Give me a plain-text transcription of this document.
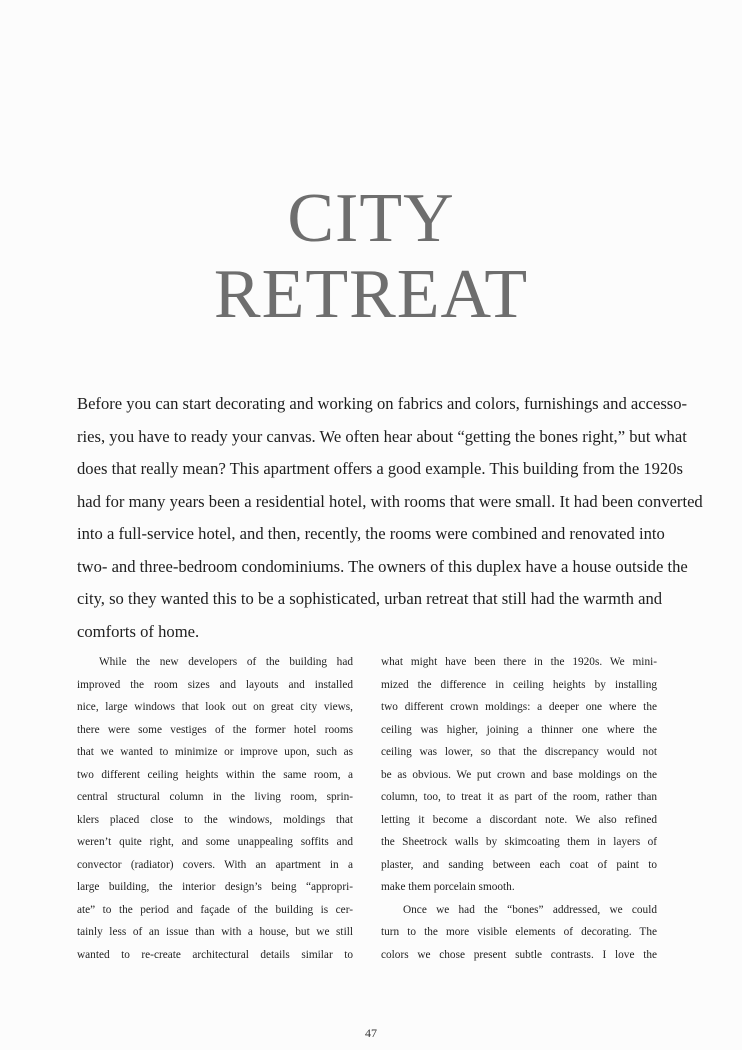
CITY
RETREAT
Before you can start decorating and working on fabrics and colors, furnishings and accesso-
ries, you have to ready your canvas. We often hear about “getting the bones right,” but what
does that really mean? This apartment offers a good example. This building from the 1920s
had for many years been a residential hotel, with rooms that were small. It had been converted
into a full-service hotel, and then, recently, the rooms were combined and renovated into
two- and three-bedroom condominiums. The owners of this duplex have a house outside the
city, so they wanted this to be a sophisticated, urban retreat that still had the warmth and
comforts of home.
While the new developers of the building had
improved the room sizes and layouts and installed
nice, large windows that look out on great city views,
there were some vestiges of the former hotel rooms
that we wanted to minimize or improve upon, such as
two different ceiling heights within the same room, a
central structural column in the living room, sprin-
klers placed close to the windows, moldings that
weren’t quite right, and some unappealing soffits and
convector (radiator) covers. With an apartment in a
large building, the interior design’s being “appropri-
ate” to the period and façade of the building is cer-
tainly less of an issue than with a house, but we still
wanted to re-create architectural details similar to
what might have been there in the 1920s. We mini-
mized the difference in ceiling heights by installing
two different crown moldings: a deeper one where the
ceiling was higher, joining a thinner one where the
ceiling was lower, so that the discrepancy would not
be as obvious. We put crown and base moldings on the
column, too, to treat it as part of the room, rather than
letting it become a discordant note. We also refined
the Sheetrock walls by skimcoating them in layers of
plaster, and sanding between each coat of paint to
make them porcelain smooth.
Once we had the “bones” addressed, we could
turn to the more visible elements of decorating. The
colors we chose present subtle contrasts. I love the
47
